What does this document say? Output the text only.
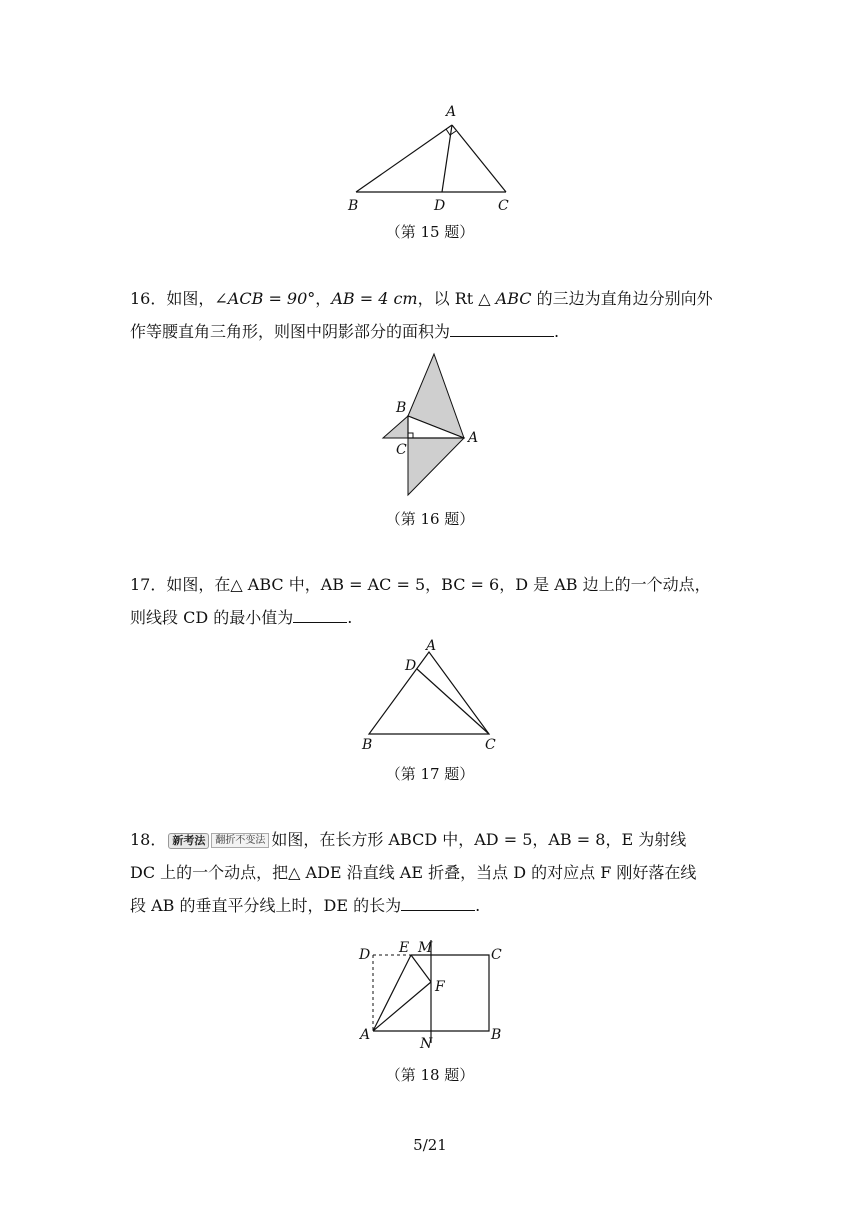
A
B	D	C
（第 15 题）
16．如图，∠ACB = 90°，AB = 4 cm，以 Rt △ ABC 的三边为直角边分别向外
作等腰直角三角形，则图中阴影部分的面积为	.
B
C
A
（第 16 题）
17．如图，在△ ABC 中，AB = AC = 5，BC = 6，D 是 AB 边上的一个动点，
则线段 CD 的最小值为	.
A
D
B	C
（第 17 题）
18． 新考法	翻折不变法 如图，在长方形 ABCD 中，AD = 5，AB = 8，E 为射线
DC 上的一个动点，把△ ADE 沿直线 AE 折叠，当点 D 的对应点 F 刚好落在线
段 AB 的垂直平分线上时，DE 的长为	.
D E M	C
F
A
N
B
（第 18 题）
5/21
